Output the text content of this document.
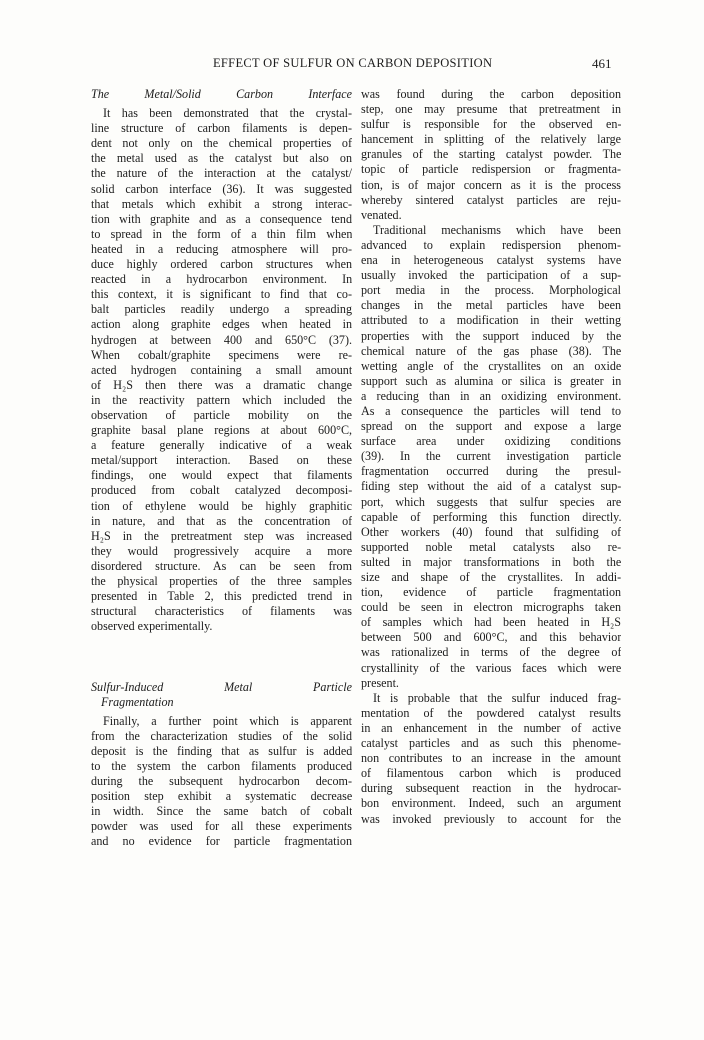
EFFECT OF SULFUR ON CARBON DEPOSITION	461
The Metal/Solid Carbon Interface
It has been demonstrated that the crystal-
line structure of carbon filaments is depen-
dent not only on the chemical properties of
the metal used as the catalyst but also on
the nature of the interaction at the catalyst/
solid carbon interface (36). It was suggested
that metals which exhibit a strong interac-
tion with graphite and as a consequence tend
to spread in the form of a thin film when
heated in a reducing atmosphere will pro-
duce highly ordered carbon structures when
reacted in a hydrocarbon environment. In
this context, it is significant to find that co-
balt particles readily undergo a spreading
action along graphite edges when heated in
hydrogen at between 400 and 650°C (37).
When cobalt/graphite specimens were re-
acted hydrogen containing a small amount
of H₂S then there was a dramatic change
in the reactivity pattern which included the
observation of particle mobility on the
graphite basal plane regions at about 600°C,
a feature generally indicative of a weak
metal/support interaction. Based on these
findings, one would expect that filaments
produced from cobalt catalyzed decomposi-
tion of ethylene would be highly graphitic
in nature, and that as the concentration of
H₂S in the pretreatment step was increased
they would progressively acquire a more
disordered structure. As can be seen from
the physical properties of the three samples
presented in Table 2, this predicted trend in
structural characteristics of filaments was
observed experimentally.
Sulfur-Induced Metal Particle
Fragmentation
Finally, a further point which is apparent
from the characterization studies of the solid
deposit is the finding that as sulfur is added
to the system the carbon filaments produced
during the subsequent hydrocarbon decom-
position step exhibit a systematic decrease
in width. Since the same batch of cobalt
powder was used for all these experiments
and no evidence for particle fragmentation
was found during the carbon deposition
step, one may presume that pretreatment in
sulfur is responsible for the observed en-
hancement in splitting of the relatively large
granules of the starting catalyst powder. The
topic of particle redispersion or fragmenta-
tion, is of major concern as it is the process
whereby sintered catalyst particles are reju-
venated.
Traditional mechanisms which have been
advanced to explain redispersion phenom-
ena in heterogeneous catalyst systems have
usually invoked the participation of a sup-
port media in the process. Morphological
changes in the metal particles have been
attributed to a modification in their wetting
properties with the support induced by the
chemical nature of the gas phase (38). The
wetting angle of the crystallites on an oxide
support such as alumina or silica is greater in
a reducing than in an oxidizing environment.
As a consequence the particles will tend to
spread on the support and expose a large
surface area under oxidizing conditions
(39). In the current investigation particle
fragmentation occurred during the presul-
fiding step without the aid of a catalyst sup-
port, which suggests that sulfur species are
capable of performing this function directly.
Other workers (40) found that sulfiding of
supported noble metal catalysts also re-
sulted in major transformations in both the
size and shape of the crystallites. In addi-
tion, evidence of particle fragmentation
could be seen in electron micrographs taken
of samples which had been heated in H₂S
between 500 and 600°C, and this behavior
was rationalized in terms of the degree of
crystallinity of the various faces which were
present.
It is probable that the sulfur induced frag-
mentation of the powdered catalyst results
in an enhancement in the number of active
catalyst particles and as such this phenome-
non contributes to an increase in the amount
of filamentous carbon which is produced
during subsequent reaction in the hydrocar-
bon environment. Indeed, such an argument
was invoked previously to account for the
